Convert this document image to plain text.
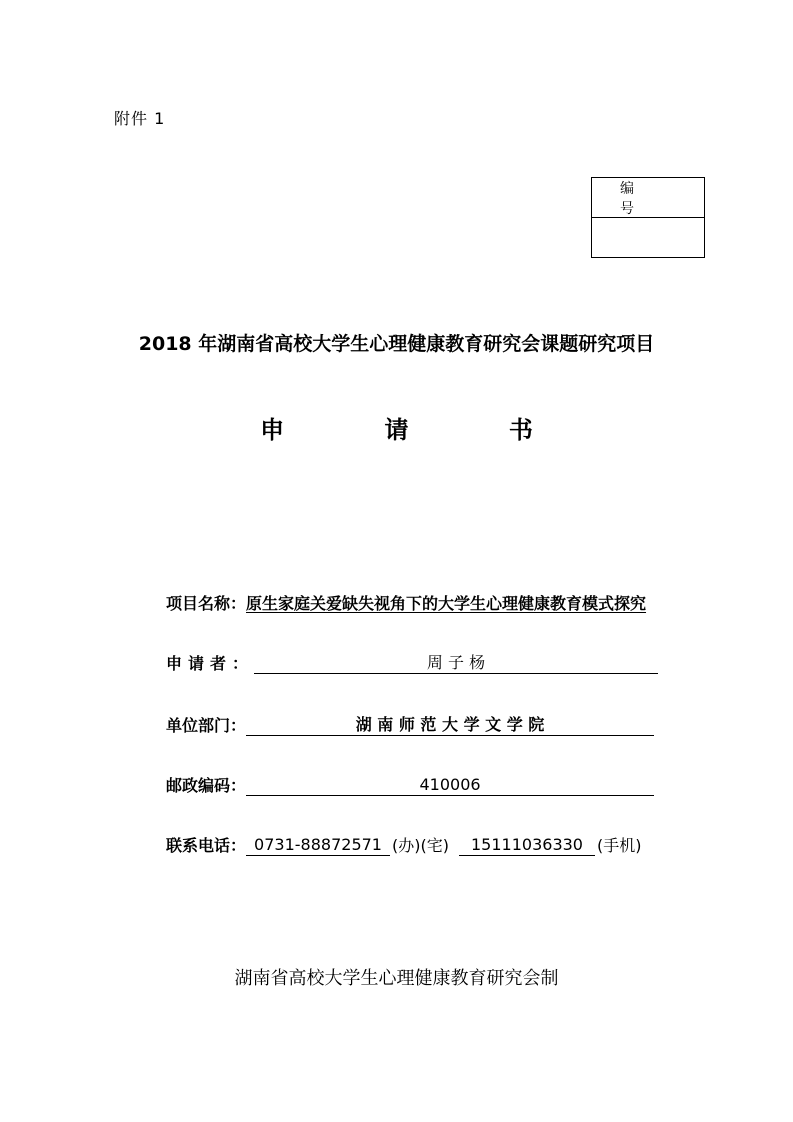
附件 1
编 号
2018 年湖南省高校大学生心理健康教育研究会课题研究项目
申 请 书
项目名称： 原生家庭关爱缺失视角下的大学生心理健康教育模式探究
申请者：	周 子 杨
单位部门：	湖 南 师 范 大 学 文 学 院
邮政编码：	410006
联系电话： 0731-88872571 (办)(宅)	15111036330 (手机)
湖南省高校大学生心理健康教育研究会制
